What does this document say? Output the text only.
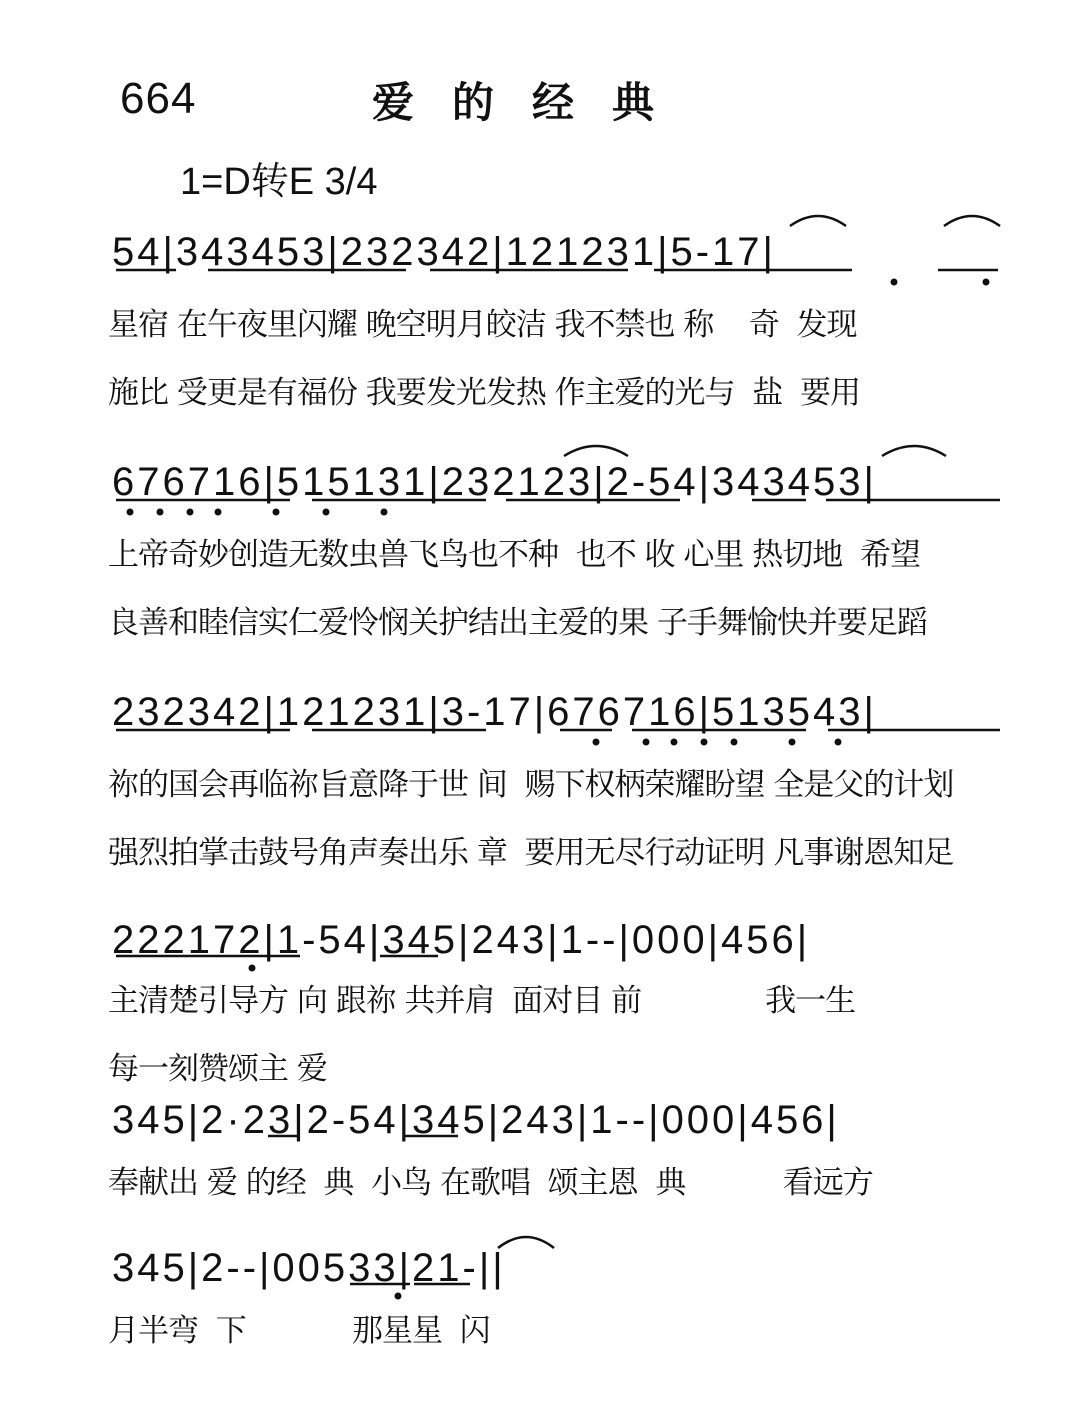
664	爱的经典
1=D转E 3/4
54|343453|232342|121231|5-17|
星宿 在午夜里闪耀 晚空明月皎洁 我不禁也 称    奇  发现
施比 受更是有福份 我要发光发热 作主爱的光与  盐  要用
676716|515131|232123|2-54|343453|
上帝奇妙创造无数虫兽飞鸟也不种  也不 收 心里 热切地  希望
良善和睦信实仁爱怜悯关护结出主爱的果 子手舞愉快并要足蹈
232342|121231|3-17|676716|513543|
祢的国会再临祢旨意降于世 间  赐下权柄荣耀盼望 全是父的计划
强烈拍掌击鼓号角声奏出乐 章  要用无尽行动证明 凡事谢恩知足
222172|1-54|345|243|1--|000|456|
主清楚引导方 向 跟祢 共并肩  面对目 前              我一生
每一刻赞颂主 爱
345|2·23|2-54|345|243|1--|000|456|
奉献出 爱 的经  典  小鸟 在歌唱  颂主恩  典           看远方
345|2--|00533|21-||
月半弯  下            那星星  闪
